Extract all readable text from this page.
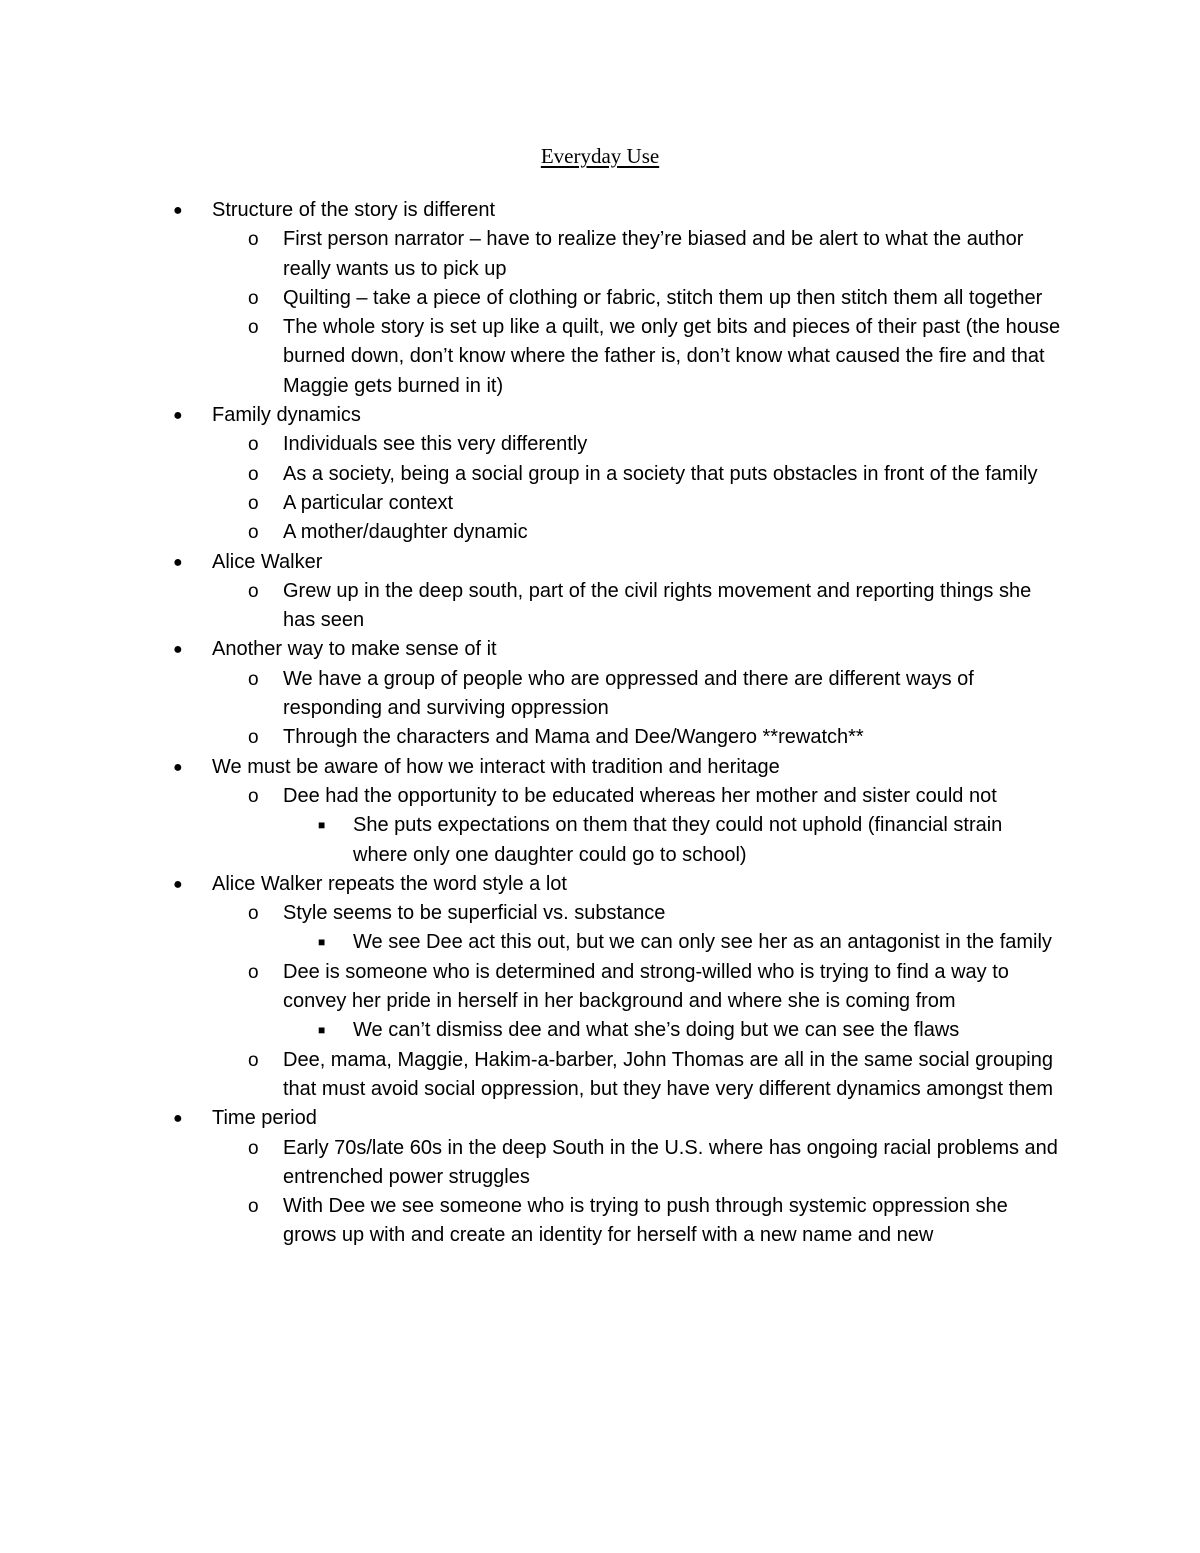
Everyday Use
● Structure of the story is different
o First person narrator – have to realize they’re biased and be alert to what the author really wants us to pick up
o Quilting – take a piece of clothing or fabric, stitch them up then stitch them all together
o The whole story is set up like a quilt, we only get bits and pieces of their past (the house burned down, don’t know where the father is, don’t know what caused the fire and that Maggie gets burned in it)
● Family dynamics
o Individuals see this very differently
o As a society, being a social group in a society that puts obstacles in front of the family
o A particular context
o A mother/daughter dynamic
● Alice Walker
o Grew up in the deep south, part of the civil rights movement and reporting things she has seen
● Another way to make sense of it
o We have a group of people who are oppressed and there are different ways of responding and surviving oppression
o Through the characters and Mama and Dee/Wangero **rewatch**
● We must be aware of how we interact with tradition and heritage
o Dee had the opportunity to be educated whereas her mother and sister could not
■ She puts expectations on them that they could not uphold (financial strain where only one daughter could go to school)
● Alice Walker repeats the word style a lot
o Style seems to be superficial vs. substance
■ We see Dee act this out, but we can only see her as an antagonist in the family
o Dee is someone who is determined and strong-willed who is trying to find a way to convey her pride in herself in her background and where she is coming from
■ We can’t dismiss dee and what she’s doing but we can see the flaws
o Dee, mama, Maggie, Hakim-a-barber, John Thomas are all in the same social grouping that must avoid social oppression, but they have very different dynamics amongst them
● Time period
o Early 70s/late 60s in the deep South in the U.S. where has ongoing racial problems and entrenched power struggles
o With Dee we see someone who is trying to push through systemic oppression she grows up with and create an identity for herself with a new name and new
